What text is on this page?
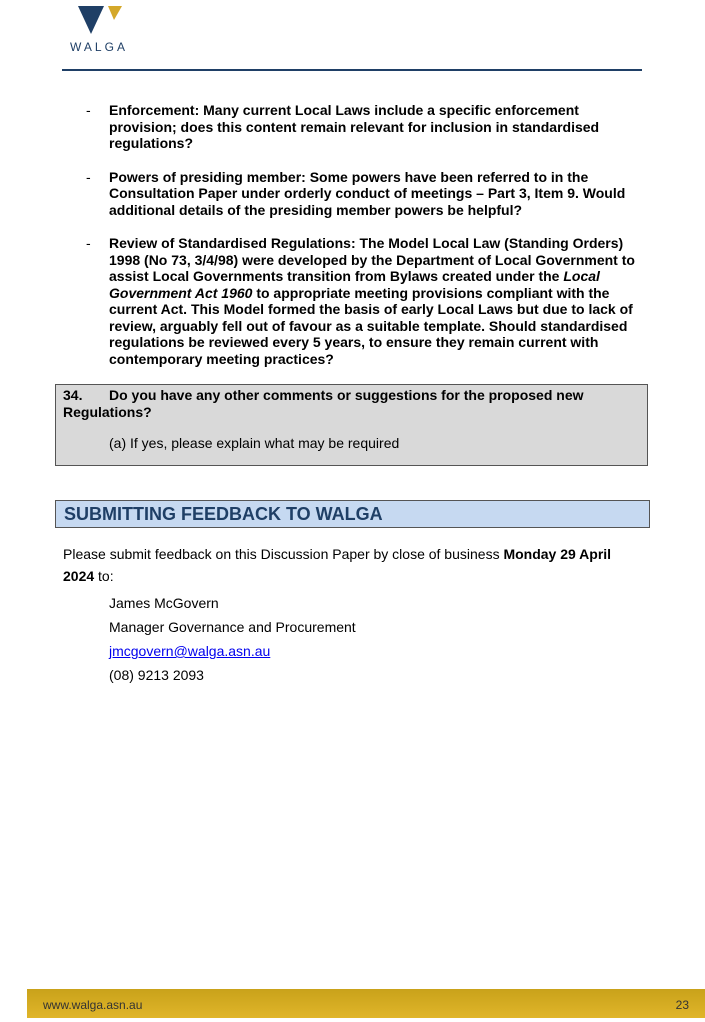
WALGA
- Enforcement: Many current Local Laws include a specific enforcement provision; does this content remain relevant for inclusion in standardised regulations?
- Powers of presiding member: Some powers have been referred to in the Consultation Paper under orderly conduct of meetings – Part 3, Item 9. Would additional details of the presiding member powers be helpful?
- Review of Standardised Regulations: The Model Local Law (Standing Orders) 1998 (No 73, 3/4/98) were developed by the Department of Local Government to assist Local Governments transition from Bylaws created under the Local Government Act 1960 to appropriate meeting provisions compliant with the current Act. This Model formed the basis of early Local Laws but due to lack of review, arguably fell out of favour as a suitable template. Should standardised regulations be reviewed every 5 years, to ensure they remain current with contemporary meeting practices?
34.	Do you have any other comments or suggestions for the proposed new Regulations?
(a) If yes, please explain what may be required
SUBMITTING FEEDBACK TO WALGA
Please submit feedback on this Discussion Paper by close of business Monday 29 April 2024 to:
James McGovern
Manager Governance and Procurement
jmcgovern@walga.asn.au
(08) 9213 2093
www.walga.asn.au	23
